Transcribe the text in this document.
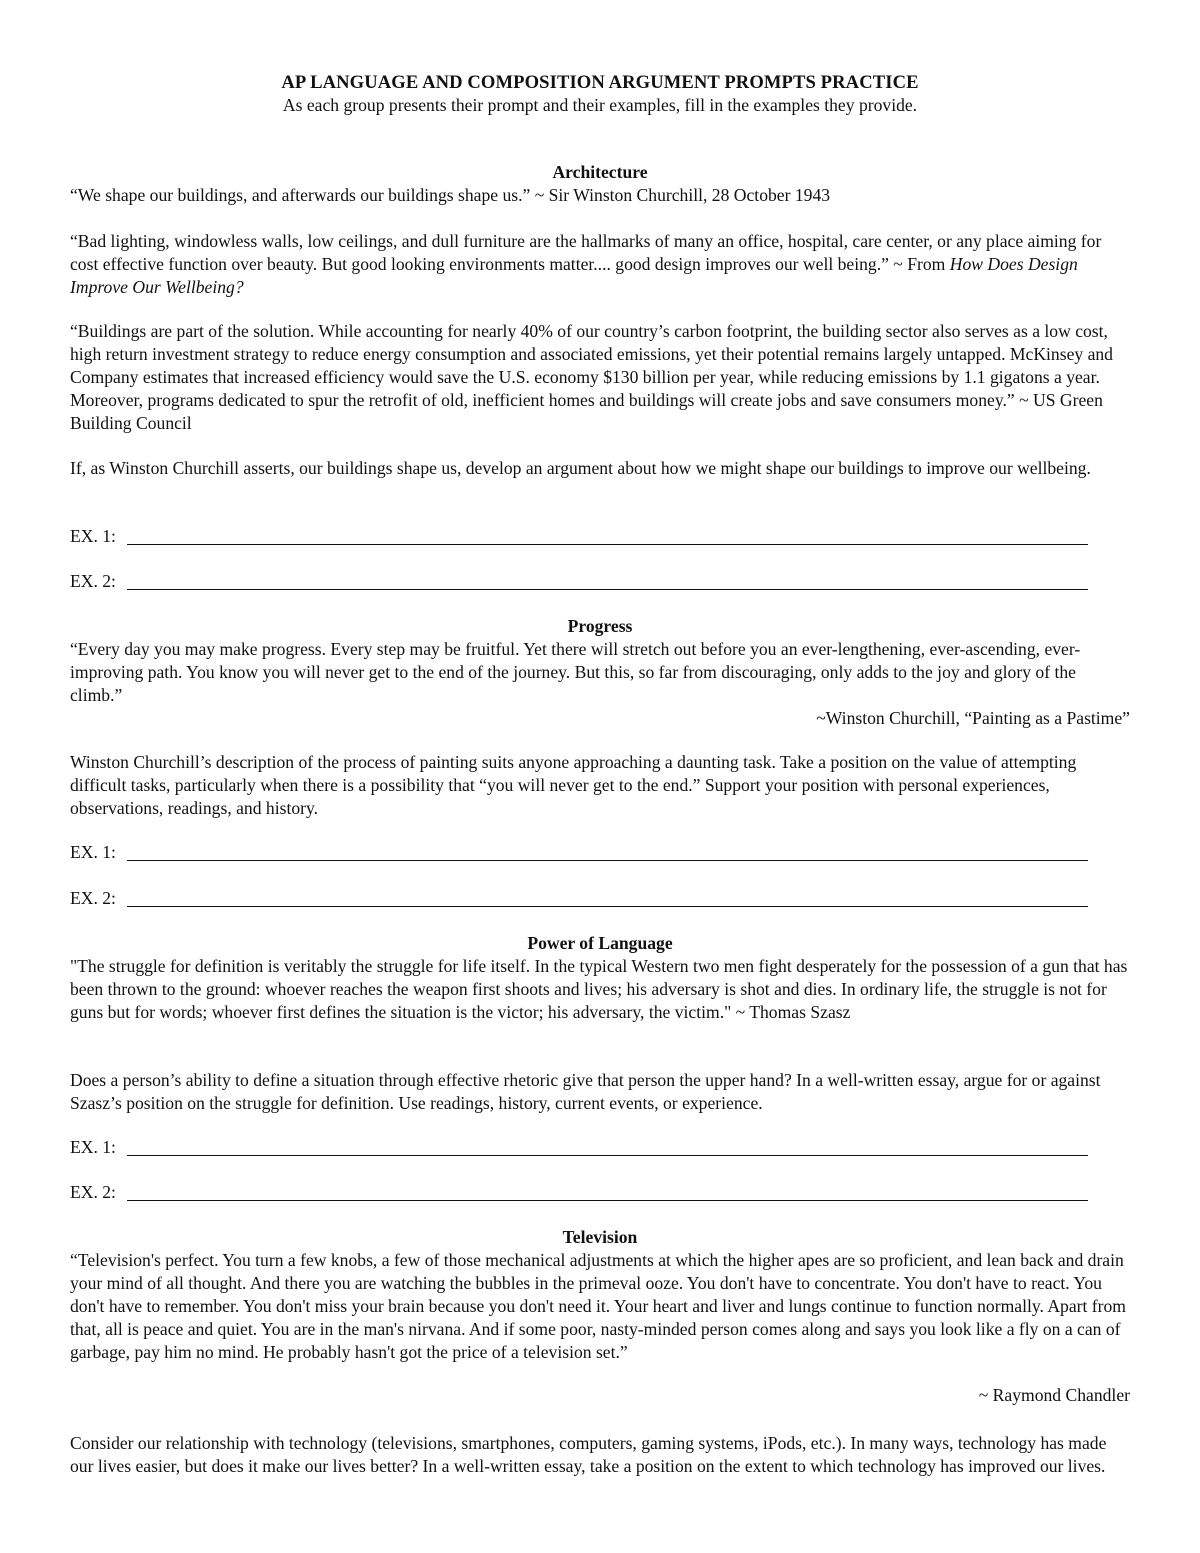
AP LANGUAGE AND COMPOSITION ARGUMENT PROMPTS PRACTICE
As each group presents their prompt and their examples, fill in the examples they provide.
Architecture

“We shape our buildings, and afterwards our buildings shape us.” ~ Sir Winston Churchill, 28 October 1943

“Bad lighting, windowless walls, low ceilings, and dull furniture are the hallmarks of many an office, hospital, care center, or any place aiming for cost effective function over beauty. But good looking environments matter.... good design improves our well being.” ~ From How Does Design Improve Our Wellbeing?

“Buildings are part of the solution. While accounting for nearly 40% of our country’s carbon footprint, the building sector also serves as a low cost, high return investment strategy to reduce energy consumption and associated emissions, yet their potential remains largely untapped. McKinsey and Company estimates that increased efficiency would save the U.S. economy $130 billion per year, while reducing emissions by 1.1 gigatons a year. Moreover, programs dedicated to spur the retrofit of old, inefficient homes and buildings will create jobs and save consumers money.” ~ US Green Building Council

If, as Winston Churchill asserts, our buildings shape us, develop an argument about how we might shape our buildings to improve our wellbeing.

EX. 1:
EX. 2:
Progress

“Every day you may make progress. Every step may be fruitful. Yet there will stretch out before you an ever-lengthening, ever-ascending, ever-improving path. You know you will never get to the end of the journey. But this, so far from discouraging, only adds to the joy and glory of the climb.”

~Winston Churchill, “Painting as a Pastime”

Winston Churchill’s description of the process of painting suits anyone approaching a daunting task. Take a position on the value of attempting difficult tasks, particularly when there is a possibility that “you will never get to the end.” Support your position with personal experiences, observations, readings, and history.

EX. 1:
EX. 2:
Power of Language

"The struggle for definition is veritably the struggle for life itself. In the typical Western two men fight desperately for the possession of a gun that has been thrown to the ground: whoever reaches the weapon first shoots and lives; his adversary is shot and dies. In ordinary life, the struggle is not for guns but for words; whoever first defines the situation is the victor; his adversary, the victim." ~ Thomas Szasz

Does a person’s ability to define a situation through effective rhetoric give that person the upper hand? In a well-written essay, argue for or against Szasz’s position on the struggle for definition. Use readings, history, current events, or experience.

EX. 1:
EX. 2:
Television

“Television's perfect. You turn a few knobs, a few of those mechanical adjustments at which the higher apes are so proficient, and lean back and drain your mind of all thought. And there you are watching the bubbles in the primeval ooze. You don't have to concentrate. You don't have to react. You don't have to remember. You don't miss your brain because you don't need it. Your heart and liver and lungs continue to function normally. Apart from that, all is peace and quiet. You are in the man's nirvana. And if some poor, nasty-minded person comes along and says you look like a fly on a can of garbage, pay him no mind. He probably hasn't got the price of a television set.”

~ Raymond Chandler

Consider our relationship with technology (televisions, smartphones, computers, gaming systems, iPods, etc.). In many ways, technology has made our lives easier, but does it make our lives better? In a well-written essay, take a position on the extent to which technology has improved our lives.
